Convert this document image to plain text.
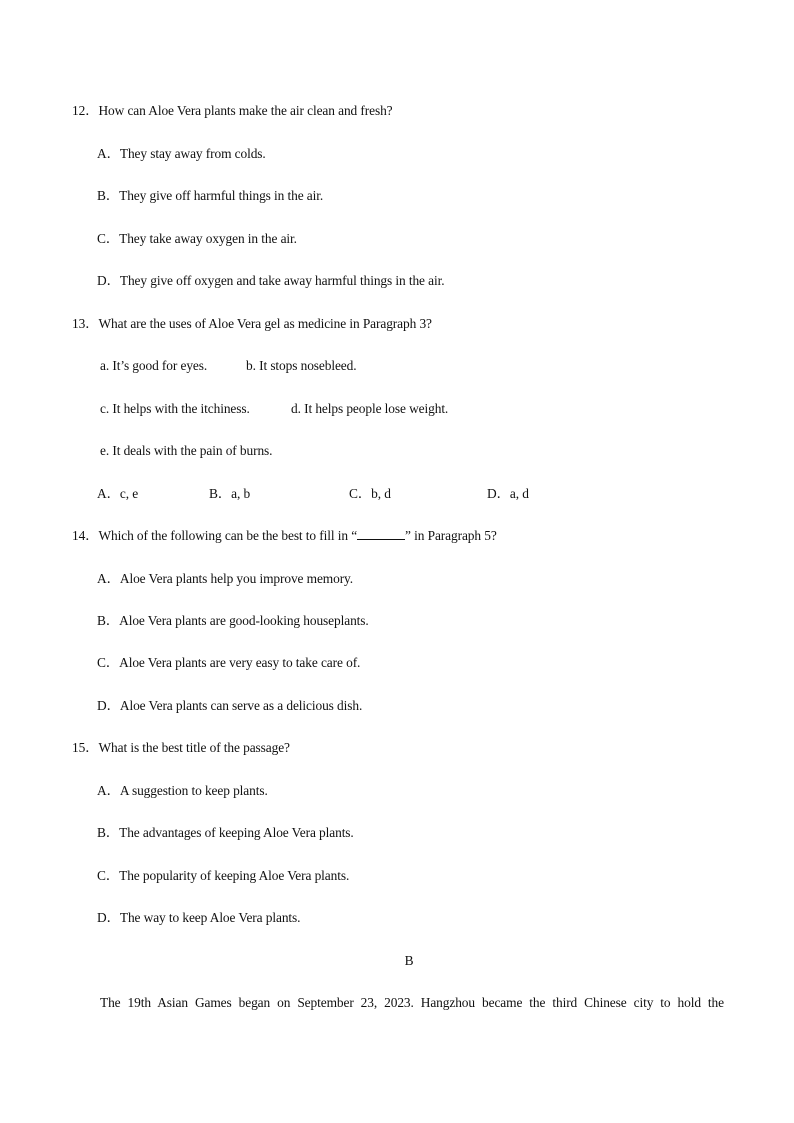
12．How can Aloe Vera plants make the air clean and fresh?
A．They stay away from colds.
B．They give off harmful things in the air.
C．They take away oxygen in the air.
D．They give off oxygen and take away harmful things in the air.
13．What are the uses of Aloe Vera gel as medicine in Paragraph 3?
a. It’s good for eyes.	b. It stops nosebleed.
c. It helps with the itchiness.	d. It helps people lose weight.
e. It deals with the pain of burns.
A．c, e	B．a, b	C．b, d	D．a, d
14．Which of the following can be the best to fill in “	” in Paragraph 5?
A．Aloe Vera plants help you improve memory.
B．Aloe Vera plants are good-looking houseplants.
C．Aloe Vera plants are very easy to take care of.
D．Aloe Vera plants can serve as a delicious dish.
15．What is the best title of the passage?
A．A suggestion to keep plants.
B．The advantages of keeping Aloe Vera plants.
C．The popularity of keeping Aloe Vera plants.
D．The way to keep Aloe Vera plants.
B
The 19th Asian Games began on September 23, 2023. Hangzhou became the third Chinese city to hold the
